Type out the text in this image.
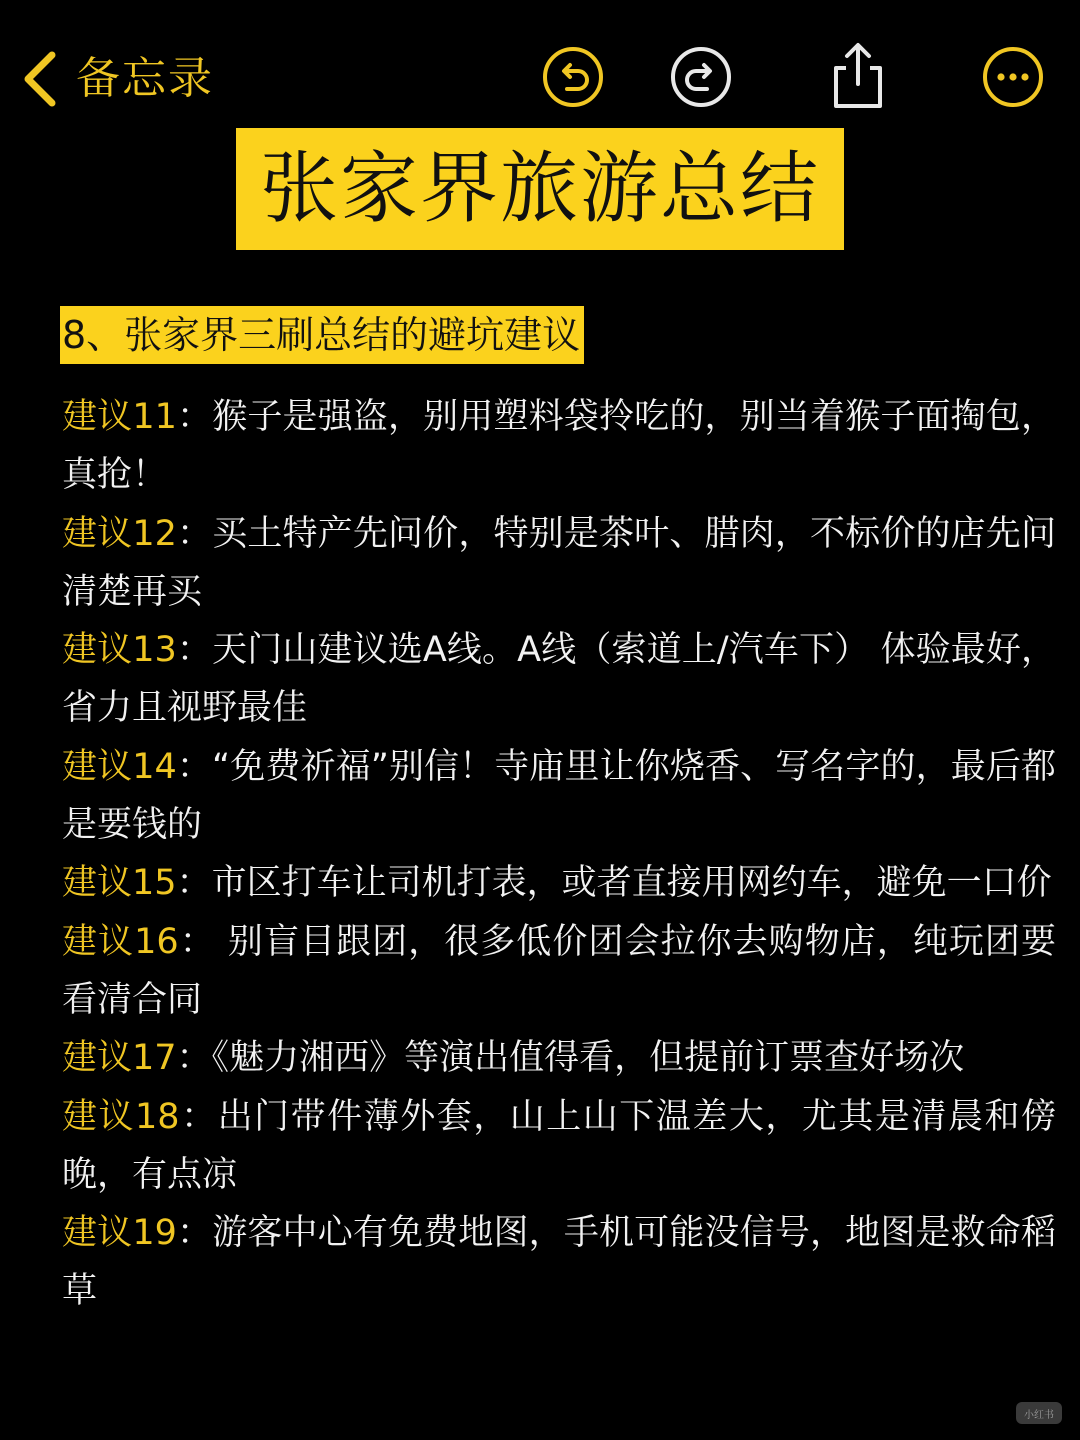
备忘录
张家界旅游总结
8、张家界三刷总结的避坑建议
建议11：猴子是强盗，别用塑料袋拎吃的，别当着猴子面掏包，真抢！
建议12：买土特产先问价，特别是茶叶、腊肉，不标价的店先问清楚再买
建议13：天门山建议选A线。A线（索道上/汽车下） 体验最好，省力且视野最佳
建议14：“免费祈福”别信！寺庙里让你烧香、写名字的，最后都是要钱的
建议15：市区打车让司机打表，或者直接用网约车，避免一口价
建议16： 别盲目跟团，很多低价团会拉你去购物店，纯玩团要看清合同
建议17：《魅力湘西》等演出值得看，但提前订票查好场次
建议18：出门带件薄外套，山上山下温差大，尤其是清晨和傍晚，有点凉
建议19：游客中心有免费地图，手机可能没信号，地图是救命稻草
小红书
